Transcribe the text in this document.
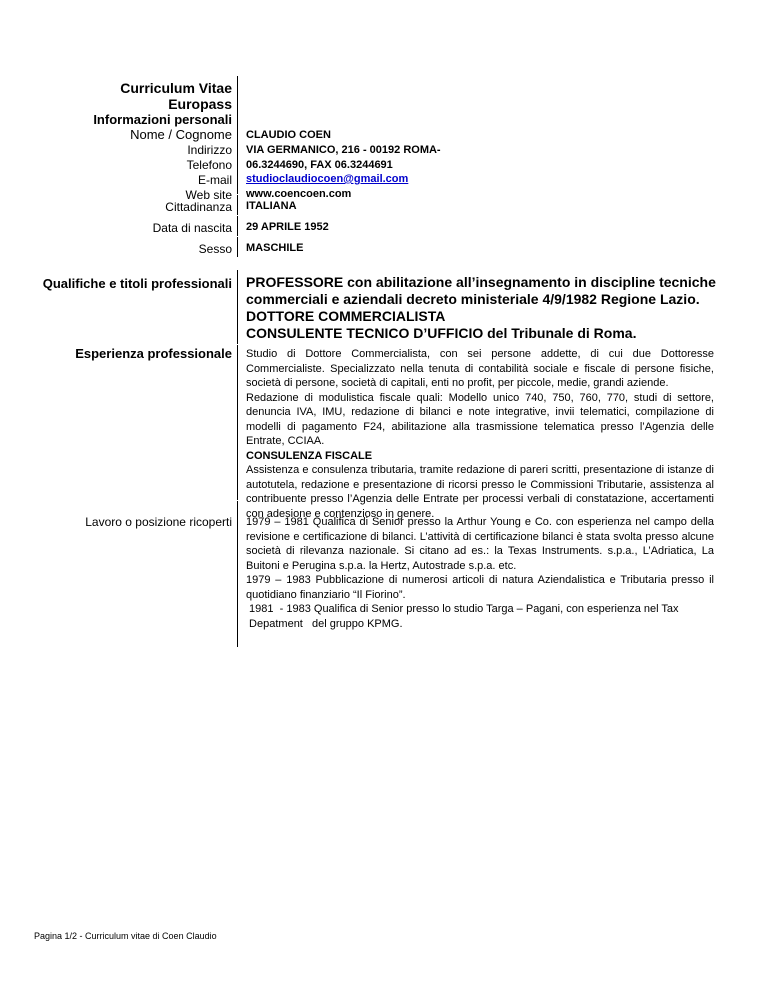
Curriculum Vitae
Europass
Informazioni personali
Nome / Cognome
Indirizzo
Telefono
E-mail
Web site
Cittadinanza
Data di nascita
Sesso
CLAUDIO COEN
VIA GERMANICO, 216 - 00192 ROMA-
06.3244690, FAX 06.3244691
studioclaudiocoen@gmail.com
www.coencoen.com
ITALIANA
29 APRILE 1952
MASCHILE
Qualifiche e titoli professionali PROFESSORE con abilitazione all’insegnamento in discipline tecniche
commerciali e aziendali decreto ministeriale 4/9/1982 Regione Lazio.
DOTTORE COMMERCIALISTA
CONSULENTE TECNICO D’UFFICIO del Tribunale di Roma.
Esperienza professionale Studio di Dottore Commercialista, con sei persone addette, di cui due Dottoresse Commercialiste. Specializzato nella tenuta di contabilità sociale e fiscale di persone fisiche, società di persone, società di capitali, enti no profit, per piccole, medie, grandi aziende.
Redazione di modulistica fiscale quali: Modello unico 740, 750, 760, 770, studi di settore, denuncia IVA, IMU, redazione di bilanci e note integrative, invii telematici, compilazione di modelli di pagamento F24, abilitazione alla trasmissione telematica presso l’Agenzia delle Entrate, CCIAA.
CONSULENZA FISCALE
Assistenza e consulenza tributaria, tramite redazione di pareri scritti, presentazione di istanze di autotutela, redazione e presentazione di ricorsi presso le Commissioni Tributarie, assistenza al contribuente presso l’Agenzia delle Entrate per processi verbali di constatazione, accertamenti con adesione e contenzioso in genere.
Lavoro o posizione ricoperti 1979 – 1981 Qualifica di Senior presso la Arthur Young e Co. con esperienza nel campo della revisione e certificazione di bilanci. L’attività di certificazione bilanci è stata svolta presso alcune società di rilevanza nazionale. Si citano ad es.: la Texas Instruments. s.p.a., L’Adriatica, La Buitoni e Perugina s.p.a. la Hertz, Autostrade s.p.a. etc.
1979 – 1983 Pubblicazione di numerosi articoli di natura Aziendalistica e Tributaria presso il quotidiano finanziario “Il Fiorino”.
1981  - 1983 Qualifica di Senior presso lo studio Targa – Pagani, con esperienza nel Tax
Depatment   del gruppo KPMG.
Pagina 1/2 - Curriculum vitae di Coen Claudio
